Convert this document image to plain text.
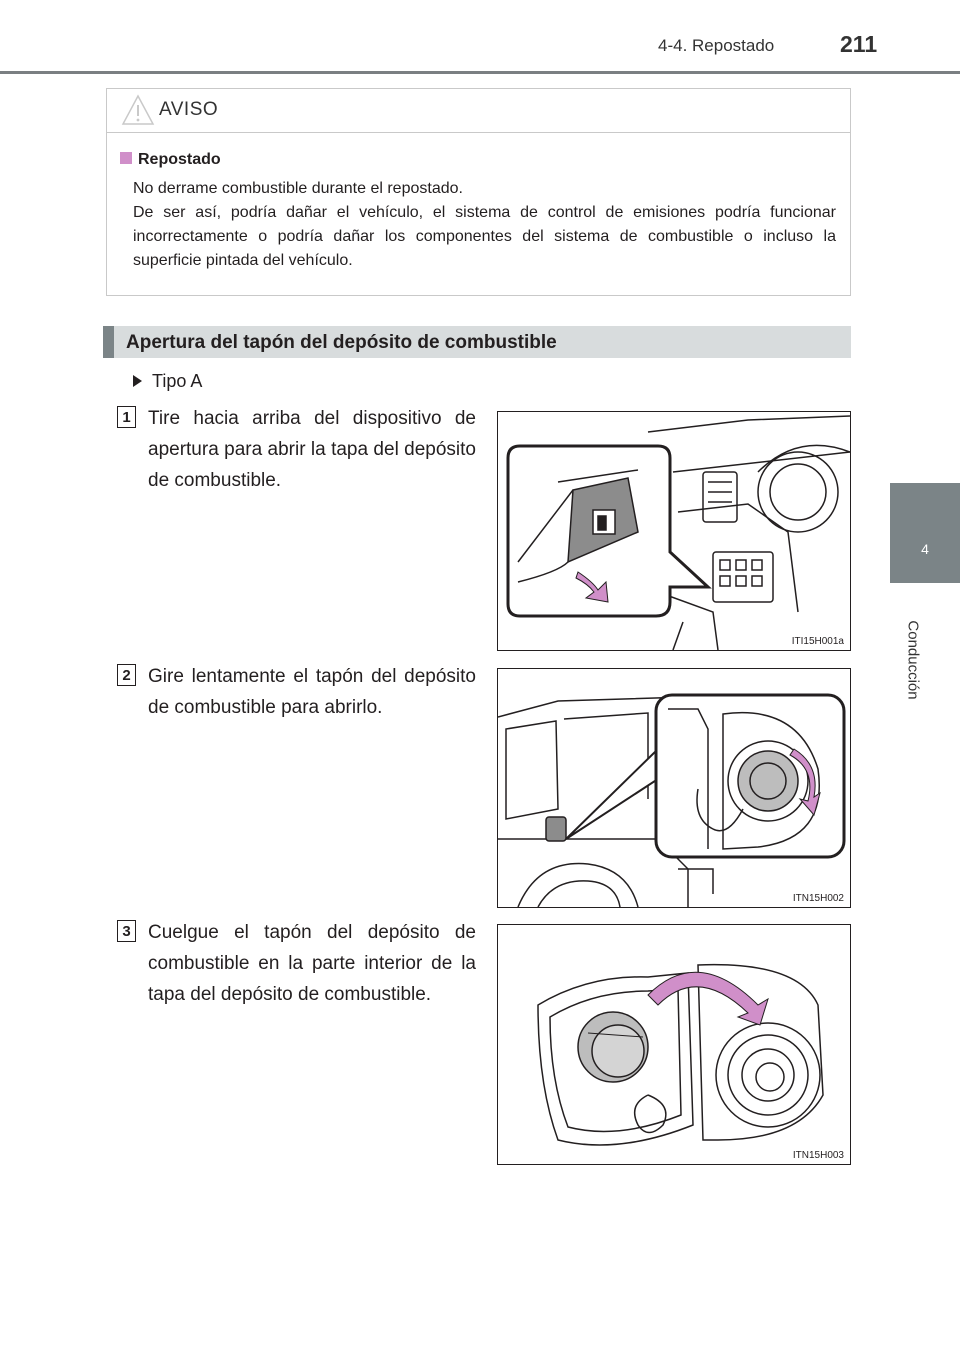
4-4. Repostado	211
4
Conducción
AVISO
Repostado

No derrame combustible durante el repostado.

De ser así, podría dañar el vehículo, el sistema de control de emisiones podría funcionar incorrectamente o podría dañar los componentes del sistema de combustible o incluso la superficie pintada del vehículo.

Apertura del tapón del depósito de combustible
Tipo A
1 Tire hacia arriba del dispositivo de apertura para abrir la tapa del depósito de combustible.
ITI15H001a
2 Gire lentamente el tapón del depósito de combustible para abrirlo.
ITN15H002
3 Cuelgue el tapón del depósito de combustible en la parte interior de la tapa del depósito de combustible.
ITN15H003
